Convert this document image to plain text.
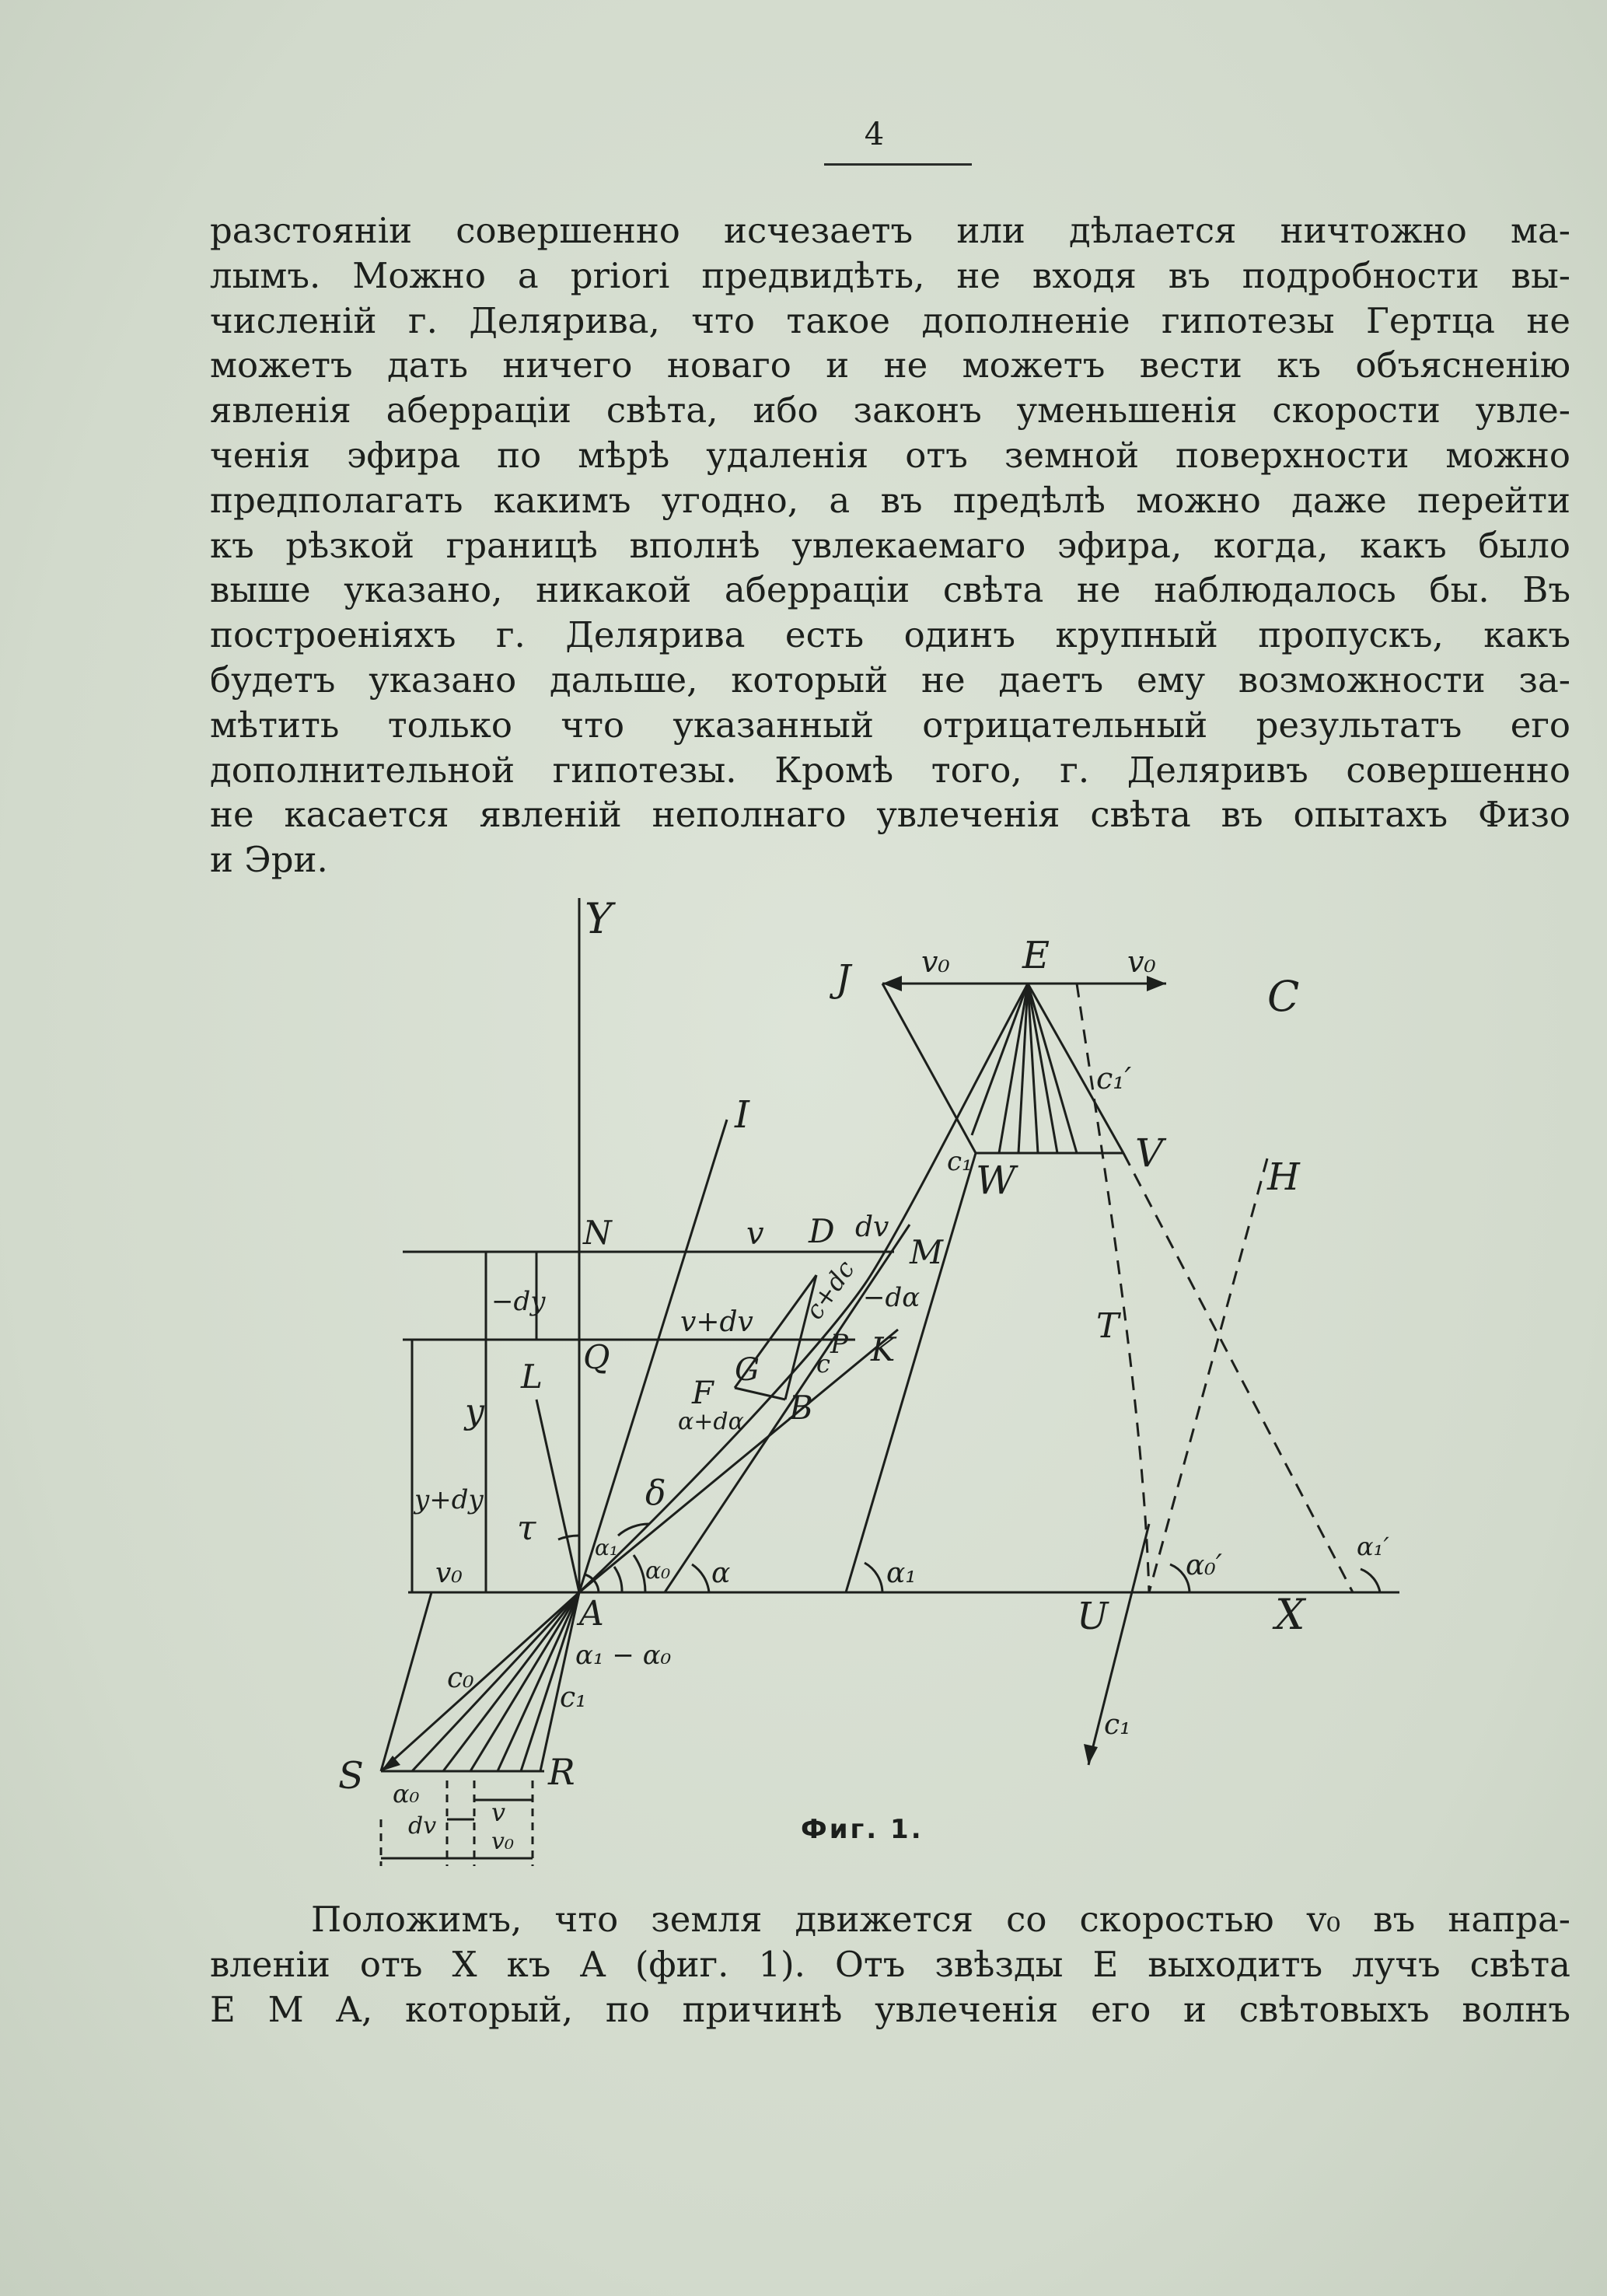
4
разстоянiи совершенно исчезаетъ или дѣлается ничтожно ма-
лымъ. Можно a priori предвидѣть, не входя въ подробности вы-
численiй г. Делярива, что такое дополненiе гипотезы Гертца не
можетъ дать ничего новаго и не можетъ вести къ объясненiю
явленiя аберрацiи свѣта, ибо законъ уменьшенiя скорости увле-
ченiя эфира по мѣрѣ удаленiя отъ земной поверхности можно
предполагать какимъ угодно, а въ предѣлѣ можно даже перейти
къ рѣзкой границѣ вполнѣ увлекаемаго эфира, когда, какъ было
выше указано, никакой аберрацiи свѣта не наблюдалось бы. Въ
построенiяхъ г. Делярива есть одинъ крупный пропускъ, какъ
будетъ указано дальше, который не даетъ ему возможности за-
мѣтить только что указанный отрицательный результатъ его
дополнительной гипотезы. Кромѣ того, г. Деляривъ совершенно
не касается явленiй неполнаго увлеченiя свѣта въ опытахъ Физо
и Эри.
Y
I
J v₀ E	v₀
C
c₁′
V
W
c₁	H
N	v D dv
M
c+dc −dα
−dy
v+dv
P
c K
L
Q	G
F
α+dα B
T
y
y+dy	δ
τ	α₁
α₀ α	α₁	α₀′
α₁′
v₀
A	U	X
α₁ − α₀
c₀
c₁
c₁
S	R
α₀
dv v
v₀	Фиг. 1.
Положимъ, что земля движется со скоростью v₀ въ напра-
вленiи отъ X къ A (фиг. 1). Отъ звѣзды E выходитъ лучъ свѣта
E M A, который, по причинѣ увлеченiя его и свѣтовыхъ волнъ
